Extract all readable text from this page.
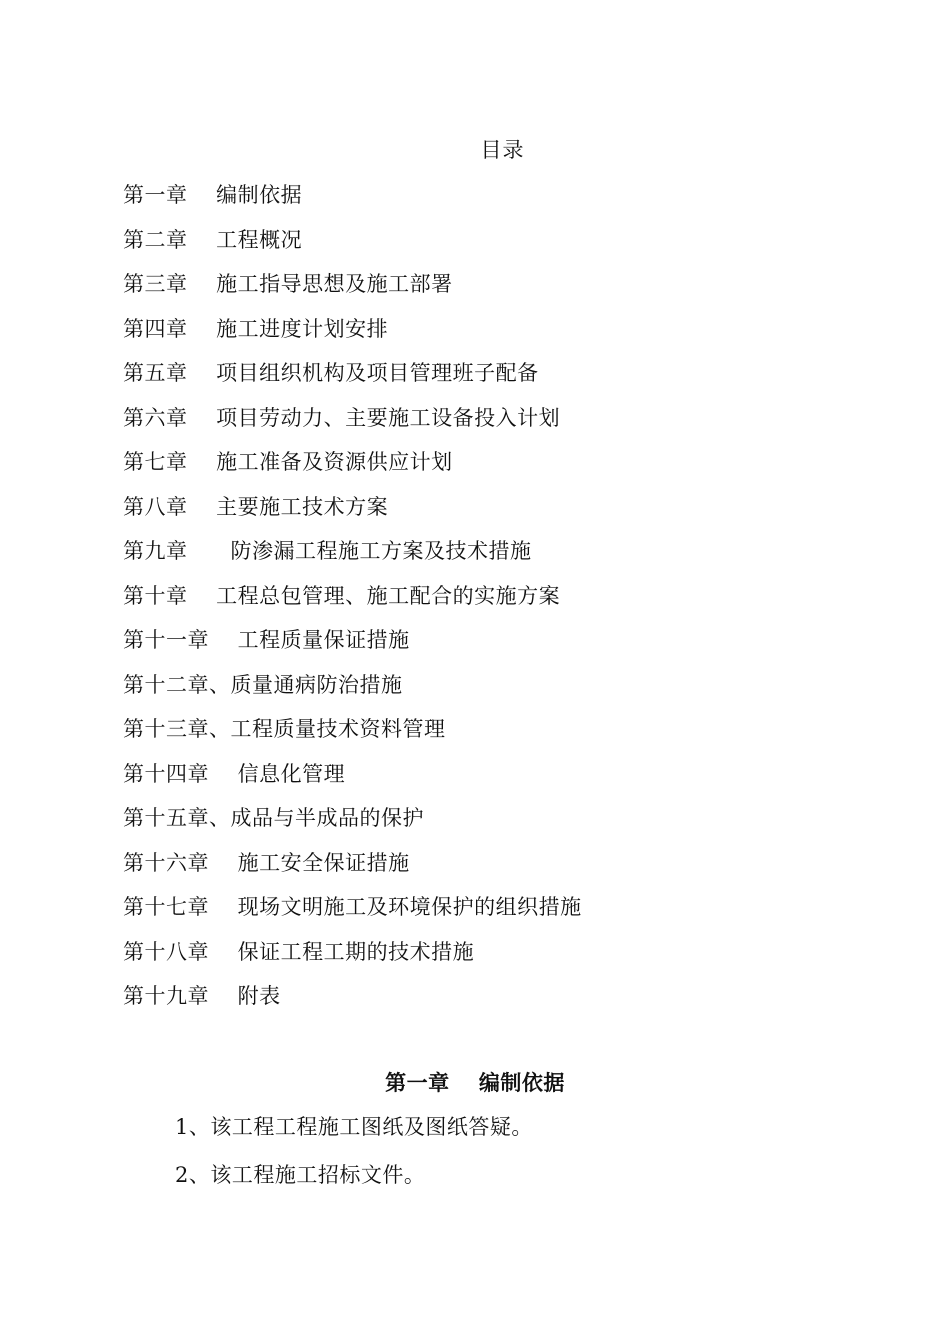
目录
第一章　 编制依据
第二章　 工程概况
第三章　 施工指导思想及施工部署
第四章　 施工进度计划安排
第五章　 项目组织机构及项目管理班子配备
第六章　 项目劳动力、主要施工设备投入计划
第七章　 施工准备及资源供应计划
第八章　 主要施工技术方案
第九章　　防渗漏工程施工方案及技术措施
第十章　 工程总包管理、施工配合的实施方案
第十一章　 工程质量保证措施
第十二章、质量通病防治措施
第十三章、工程质量技术资料管理
第十四章　 信息化管理
第十五章、成品与半成品的保护
第十六章　 施工安全保证措施
第十七章　 现场文明施工及环境保护的组织措施
第十八章　 保证工程工期的技术措施
第十九章　 附表
第一章　 编制依据
1、该工程工程施工图纸及图纸答疑。
2、该工程施工招标文件。
